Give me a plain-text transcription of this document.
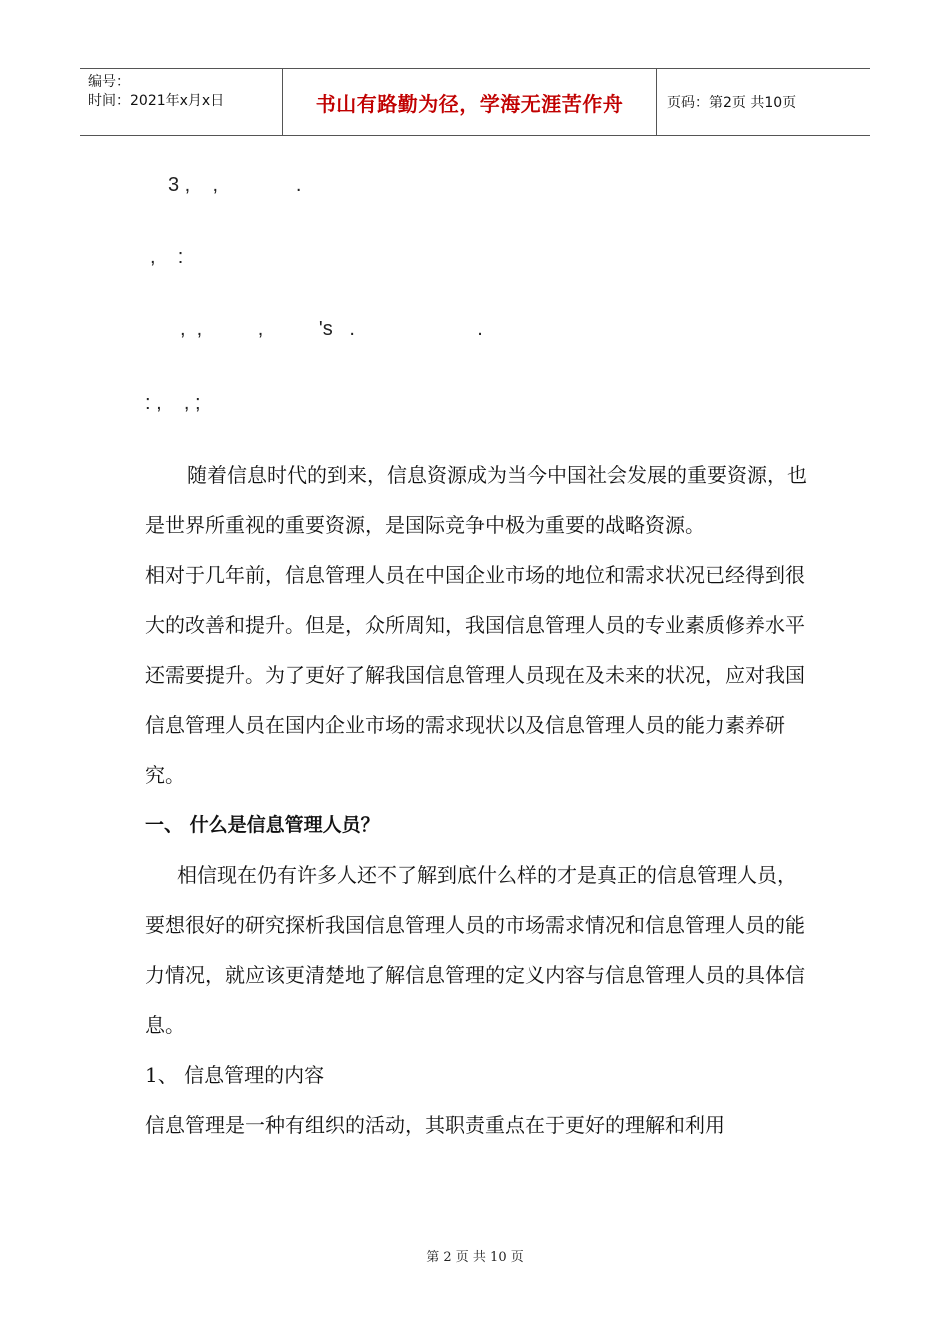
编号：
时间：2021年x月x日	书山有路勤为径，学海无涯苦作舟	页码：第2页 共10页
3 ,    ,              .
,    :
,  ,          ,          's   .                      .
: ,    , ;

随着信息时代的到来，信息资源成为当今中国社会发展的重要资源，也是世界所重视的重要资源，是国际竞争中极为重要的战略资源。

相对于几年前，信息管理人员在中国企业市场的地位和需求状况已经得到很大的改善和提升。但是，众所周知，我国信息管理人员的专业素质修养水平还需要提升。为了更好了解我国信息管理人员现在及未来的状况，应对我国信息管理人员在国内企业市场的需求现状以及信息管理人员的能力素养研究。

一、 什么是信息管理人员？

相信现在仍有许多人还不了解到底什么样的才是真正的信息管理人员，要想很好的研究探析我国信息管理人员的市场需求情况和信息管理人员的能力情况，就应该更清楚地了解信息管理的定义内容与信息管理人员的具体信息。

1、 信息管理的内容

信息管理是一种有组织的活动，其职责重点在于更好的理解和利用

第 2 页 共 10 页
